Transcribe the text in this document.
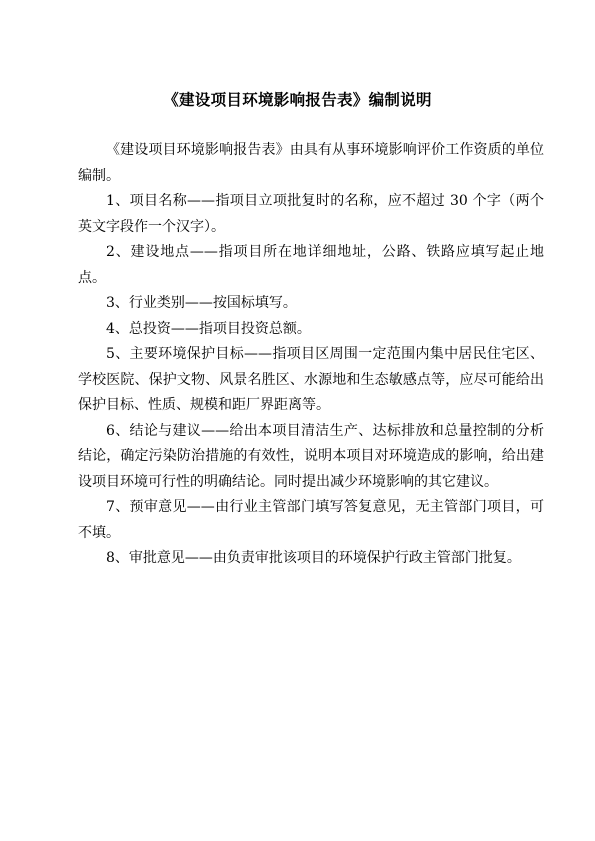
《建设项目环境影响报告表》编制说明

《建设项目环境影响报告表》由具有从事环境影响评价工作资质的单位编制。

1、项目名称——指项目立项批复时的名称，应不超过 30 个字（两个英文字段作一个汉字）。

2、建设地点——指项目所在地详细地址，公路、铁路应填写起止地点。

3、行业类别——按国标填写。

4、总投资——指项目投资总额。

5、主要环境保护目标——指项目区周围一定范围内集中居民住宅区、学校医院、保护文物、风景名胜区、水源地和生态敏感点等，应尽可能给出保护目标、性质、规模和距厂界距离等。

6、结论与建议——给出本项目清洁生产、达标排放和总量控制的分析结论，确定污染防治措施的有效性，说明本项目对环境造成的影响，给出建设项目环境可行性的明确结论。同时提出减少环境影响的其它建议。

7、预审意见——由行业主管部门填写答复意见，无主管部门项目，可不填。

8、审批意见——由负责审批该项目的环境保护行政主管部门批复。
